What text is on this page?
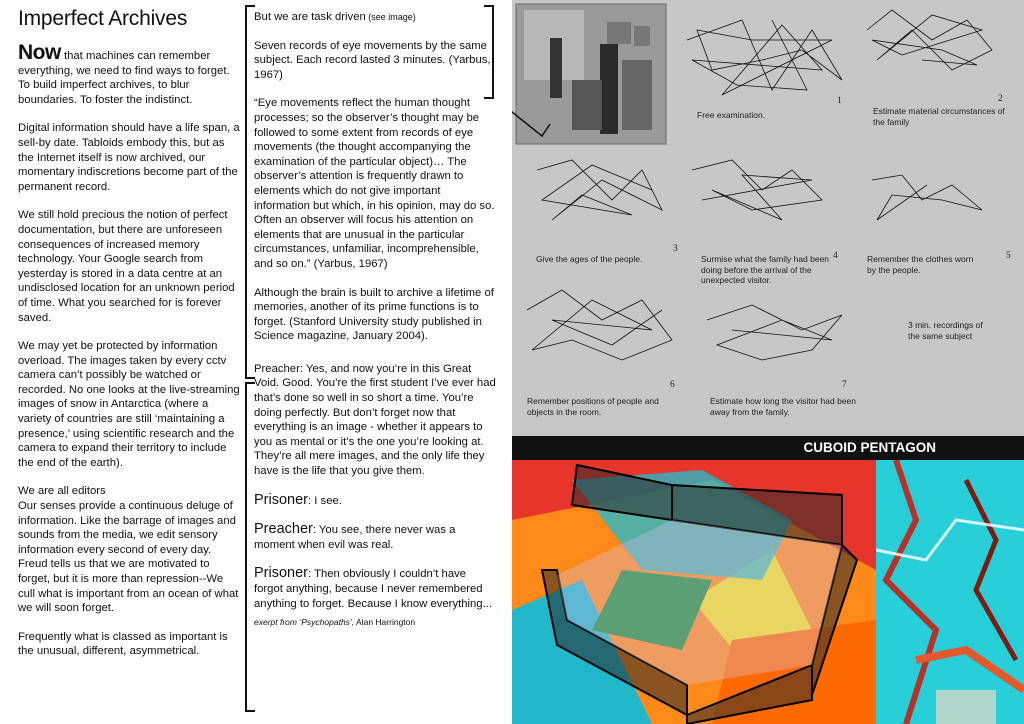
Imperfect Archives

Now that machines can remember everything, we need to find ways to forget. To build imperfect archives, to blur boundaries. To foster the indistinct.

Digital information should have a life span, a sell-by date. Tabloids embody this, but as the Internet itself is now archived, our momentary indiscretions become part of the permanent record.

We still hold precious the notion of perfect documentation, but there are unforeseen consequences of increased memory technology. Your Google search from yesterday is stored in a data centre at an undisclosed location for an unknown period of time. What you searched for is forever saved.

We may yet be protected by information overload. The images taken by every cctv camera can’t possibly be watched or recorded. No one looks at the live-streaming images of snow in Antarctica (where a variety of countries are still ‘maintaining a presence,’ using scientific research and the camera to expand their territory to include the end of the earth).

We are all editors
Our senses provide a continuous deluge of information. Like the barrage of images and sounds from the media, we edit sensory information every second of every day. Freud tells us that we are motivated to forget, but it is more than repression--We cull what is important from an ocean of what we will soon forget.

Frequently what is classed as important is the unusual, different, asymmetrical.

But we are task driven (see image)

Seven records of eye movements by the same subject. Each record lasted 3 minutes. (Yarbus, 1967)

“Eye movements reflect the human thought processes; so the observer’s thought may be followed to some extent from records of eye movements (the thought accompanying the examination of the particular object)… The observer’s attention is frequently drawn to elements which do not give important information but which, in his opinion, may do so. Often an observer will focus his attention on elements that are unusual in the particular circumstances, unfamiliar, incomprehensible, and so on.” (Yarbus, 1967)

Although the brain is built to archive a lifetime of memories, another of its prime functions is to forget. (Stanford University study published in Science magazine, January 2004).

Preacher: Yes, and now you’re in this Great Void. Good. You’re the first student I’ve ever had that’s done so well in so short a time. You’re doing perfectly. But don’t forget now that everything is an image - whether it appears to you as mental or it’s the one you’re looking at. They’re all mere images, and the only life they have is the life that you give them.

Prisoner: I see.

Preacher: You see, there never was a moment when evil was real.

Prisoner: Then obviously I couldn’t have forgot anything, because I never remembered anything to forget. Because I know everything...

exerpt from ‘Psychopaths’, Alan Harrington
Free examination.
1
Estimate material circumstances of the family
2
Give the ages of the people.
3
Surmise what the family had been doing before the arrival of the unexpected visitor.
4	Remember the clothes worn by the people.
5
3 min. recordings of the same subject
Remember positions of people and objects in the room.
6
Estimate how long the visitor had been away from the family.
7
CUBOID PENTAGON
